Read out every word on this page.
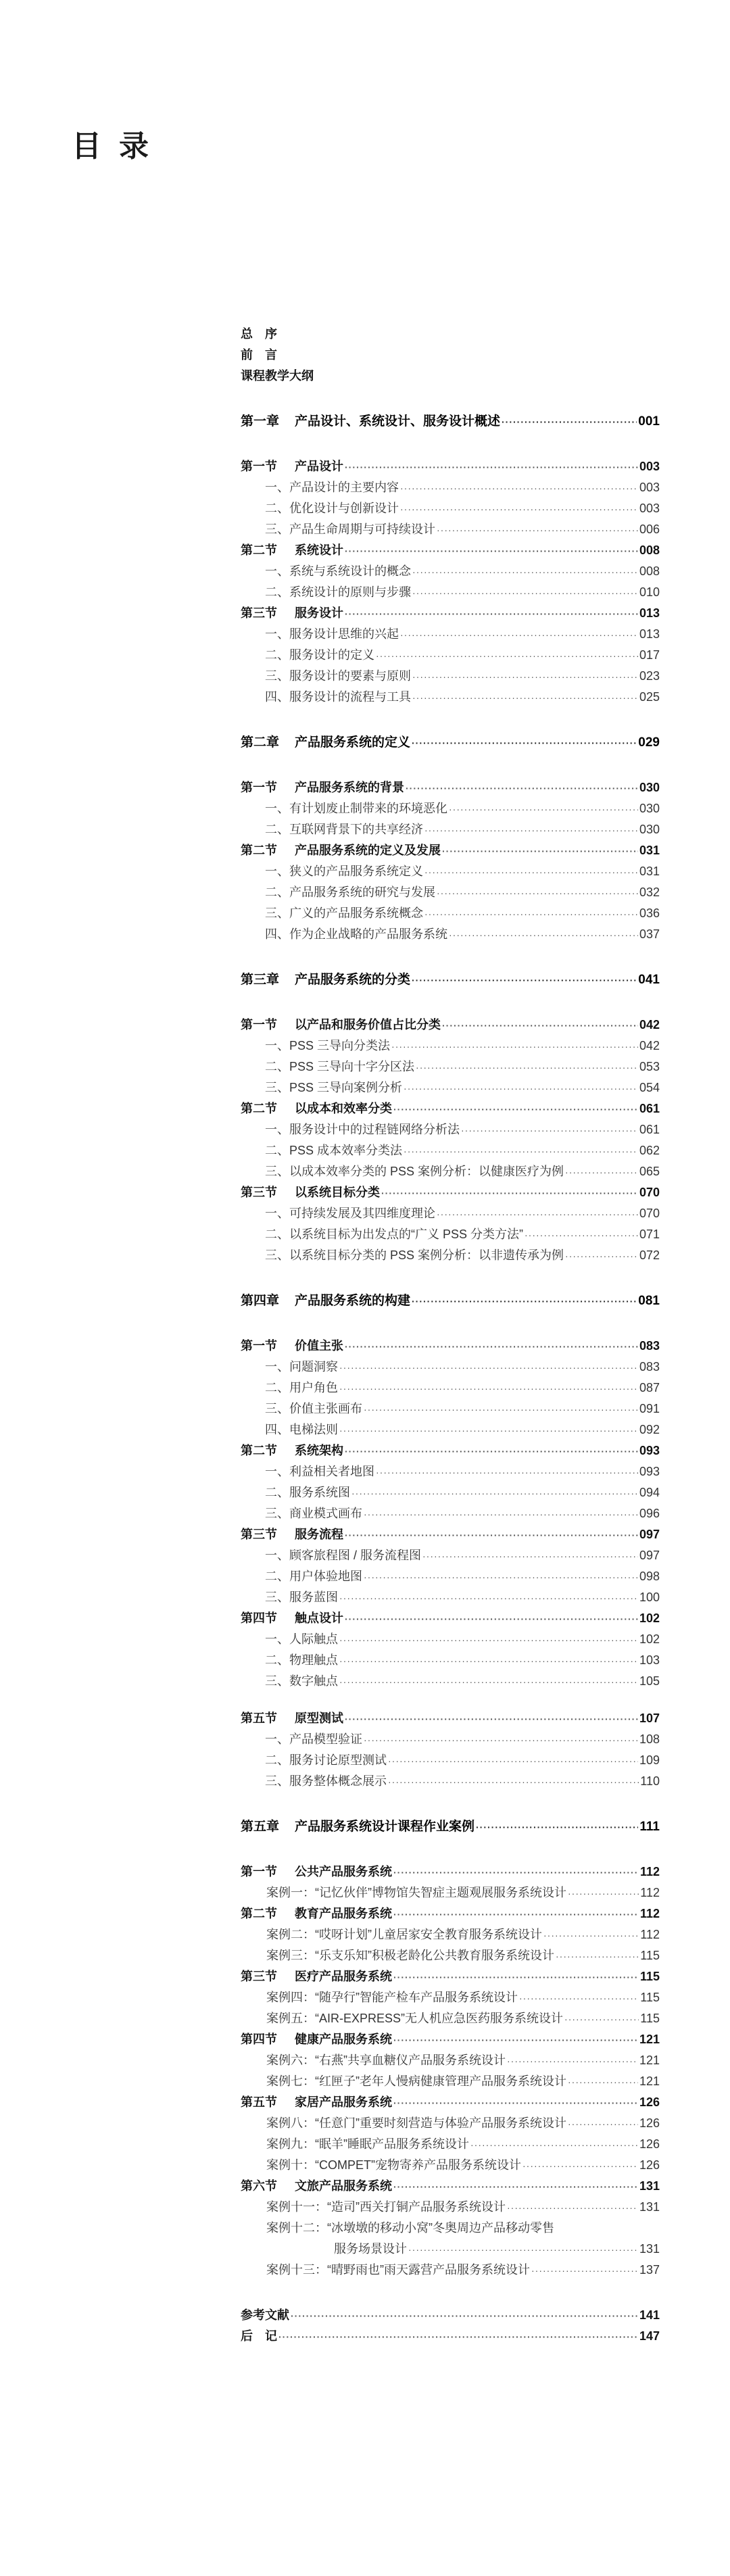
目录
总　序
前　言
课程教学大纲
第一章 产品设计、系统设计、服务设计概述 ·····	001
第一节 产品设计 ·····	003
一、产品设计的主要内容 ·····	003
二、优化设计与创新设计 ·····	003
三、产品生命周期与可持续设计 ·····	006
第二节 系统设计 ·····	008
一、系统与系统设计的概念 ·····	008
二、系统设计的原则与步骤 ·····	010
第三节 服务设计 ·····	013
一、服务设计思维的兴起 ·····	013
二、服务设计的定义 ·····	017
三、服务设计的要素与原则 ·····	023
四、服务设计的流程与工具 ·····	025
第二章 产品服务系统的定义 ·····	029
第一节 产品服务系统的背景 ·····	030
一、有计划废止制带来的环境恶化 ·····	030
二、互联网背景下的共享经济 ·····	030
第二节 产品服务系统的定义及发展 ·····	031
一、狭义的产品服务系统定义 ·····	031
二、产品服务系统的研究与发展 ·····	032
三、广义的产品服务系统概念 ·····	036
四、作为企业战略的产品服务系统 ·····	037
第三章 产品服务系统的分类 ·····	041
第一节 以产品和服务价值占比分类 ·····	042
一、PSS 三导向分类法 ·····	042
二、PSS 三导向十字分区法 ·····	053
三、PSS 三导向案例分析 ·····	054
第二节 以成本和效率分类 ·····	061
一、服务设计中的过程链网络分析法 ·····	061
二、PSS 成本效率分类法 ·····	062
三、以成本效率分类的 PSS 案例分析：以健康医疗为例 ·····	065
第三节 以系统目标分类 ·····	070
一、可持续发展及其四维度理论 ·····	070
二、以系统目标为出发点的“广义 PSS 分类方法” ·····	071
三、以系统目标分类的 PSS 案例分析：以非遗传承为例 ·····	072
第四章 产品服务系统的构建 ·····	081
第一节 价值主张 ·····	083
一、问题洞察 ·····	083
二、用户角色 ·····	087
三、价值主张画布 ·····	091
四、电梯法则 ·····	092
第二节 系统架构 ·····	093
一、利益相关者地图 ·····	093
二、服务系统图 ·····	094
三、商业模式画布 ·····	096
第三节 服务流程 ·····	097
一、顾客旅程图 / 服务流程图 ·····	097
二、用户体验地图 ·····	098
三、服务蓝图 ·····	100
第四节 触点设计 ·····	102
一、人际触点 ·····	102
二、物理触点 ·····	103
三、数字触点 ·····	105
第五节 原型测试 ·····	107
一、产品模型验证 ·····	108
二、服务讨论原型测试 ·····	109
三、服务整体概念展示 ·····	110
第五章 产品服务系统设计课程作业案例 ·····	111
第一节 公共产品服务系统 ·····	112
案例一：“记忆伙伴”博物馆失智症主题观展服务系统设计 ·····	112
第二节 教育产品服务系统 ·····	112
案例二：“哎呀计划”儿童居家安全教育服务系统设计 ·····	112
案例三：“乐支乐知”积极老龄化公共教育服务系统设计 ·····	115
第三节 医疗产品服务系统 ·····	115
案例四：“随孕行”智能产检车产品服务系统设计 ·····	115
案例五：“AIR-EXPRESS”无人机应急医药服务系统设计 ·····	115
第四节 健康产品服务系统 ·····	121
案例六：“右燕”共享血糖仪产品服务系统设计 ·····	121
案例七：“红匣子”老年人慢病健康管理产品服务系统设计 ·····	121
第五节 家居产品服务系统 ·····	126
案例八：“任意门”重要时刻营造与体验产品服务系统设计 ·····	126
案例九：“眠羊”睡眠产品服务系统设计 ·····	126
案例十：“COMPET”宠物寄养产品服务系统设计 ·····	126
第六节 文旅产品服务系统 ·····	131
案例十一：“造司”西关打铜产品服务系统设计 ·····	131
案例十二：“冰墩墩的移动小窝”冬奥周边产品移动零售
服务场景设计 ·····	131
案例十三：“晴野雨也”雨天露营产品服务系统设计 ·····	137
参考文献 ·····	141
后　记 ·····	147
